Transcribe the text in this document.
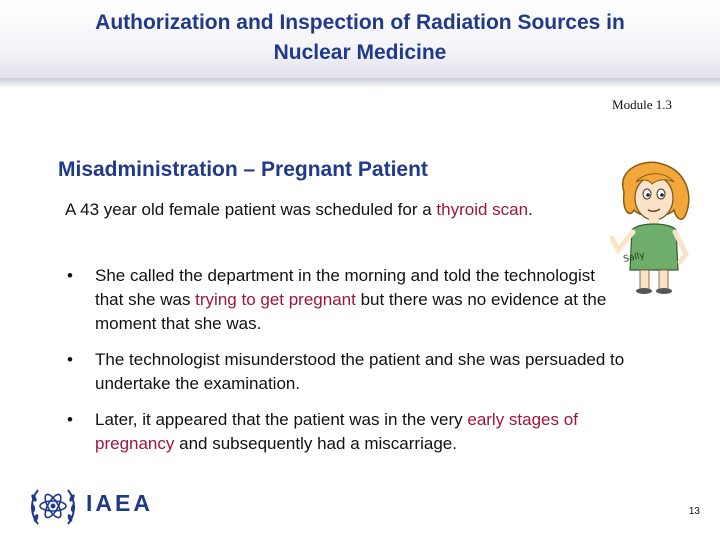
Authorization and Inspection of Radiation Sources in
Nuclear Medicine
Module 1.3
Misadministration – Pregnant Patient
A 43 year old female patient was scheduled for a thyroid scan.
• She called the department in the morning and told the technologist that she was trying to get pregnant but there was no evidence at the moment that she was.
• The technologist misunderstood the patient and she was persuaded to undertake the examination.
• Later, it appeared that the patient was in the very early stages of pregnancy and subsequently had a miscarriage.
Sally
IAEA	13
